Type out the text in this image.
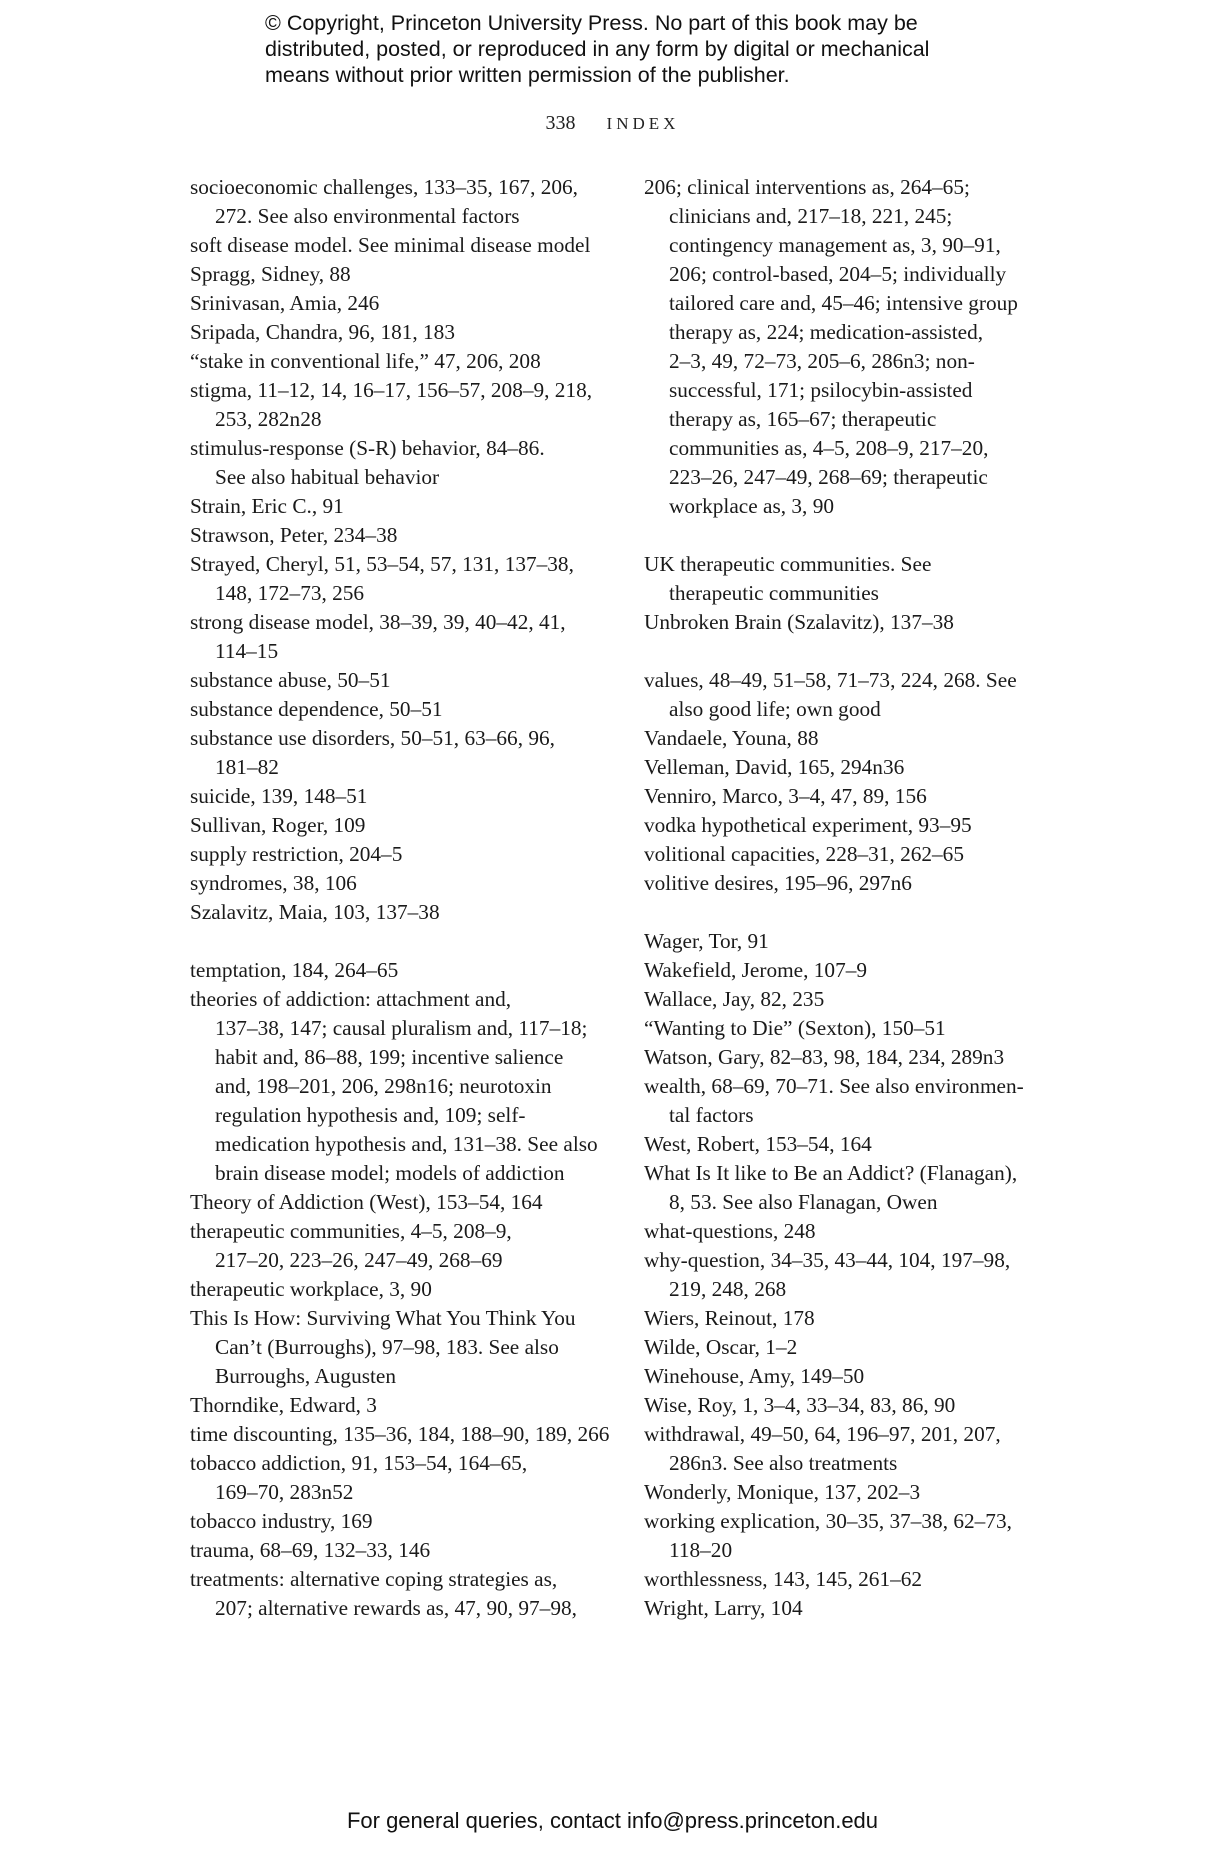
© Copyright, Princeton University Press. No part of this book may be
distributed, posted, or reproduced in any form by digital or mechanical
means without prior written permission of the publisher.
338 INDEX
socioeconomic challenges, 133–35, 167, 206,
272. See also environmental factors
soft disease model. See minimal disease model
Spragg, Sidney, 88
Srinivasan, Amia, 246
Sripada, Chandra, 96, 181, 183
“stake in conventional life,” 47, 206, 208
stigma, 11–12, 14, 16–17, 156–57, 208–9, 218,
253, 282n28
stimulus-response (S-R) behavior, 84–86.
See also habitual behavior
Strain, Eric C., 91
Strawson, Peter, 234–38
Strayed, Cheryl, 51, 53–54, 57, 131, 137–38,
148, 172–73, 256
strong disease model, 38–39, 39, 40–42, 41,
114–15
substance abuse, 50–51
substance dependence, 50–51
substance use disorders, 50–51, 63–66, 96,
181–82
suicide, 139, 148–51
Sullivan, Roger, 109
supply restriction, 204–5
syndromes, 38, 106
Szalavitz, Maia, 103, 137–38
temptation, 184, 264–65
theories of addiction: attachment and,
137–38, 147; causal pluralism and, 117–18;
habit and, 86–88, 199; incentive salience
and, 198–201, 206, 298n16; neurotoxin
regulation hypothesis and, 109; self-
medication hypothesis and, 131–38. See also
brain disease model; models of addiction
Theory of Addiction (West), 153–54, 164
therapeutic communities, 4–5, 208–9,
217–20, 223–26, 247–49, 268–69
therapeutic workplace, 3, 90
This Is How: Surviving What You Think You
Can’t (Burroughs), 97–98, 183. See also
Burroughs, Augusten
Thorndike, Edward, 3
time discounting, 135–36, 184, 188–90, 189, 266
tobacco addiction, 91, 153–54, 164–65,
169–70, 283n52
tobacco industry, 169
trauma, 68–69, 132–33, 146
treatments: alternative coping strategies as,
207; alternative rewards as, 47, 90, 97–98,
206; clinical interventions as, 264–65;
clinicians and, 217–18, 221, 245;
contingency management as, 3, 90–91,
206; control-based, 204–5; individually
tailored care and, 45–46; intensive group
therapy as, 224; medication-assisted,
2–3, 49, 72–73, 205–6, 286n3; non-
successful, 171; psilocybin-assisted
therapy as, 165–67; therapeutic
communities as, 4–5, 208–9, 217–20,
223–26, 247–49, 268–69; therapeutic
workplace as, 3, 90
UK therapeutic communities. See
therapeutic communities
Unbroken Brain (Szalavitz), 137–38
values, 48–49, 51–58, 71–73, 224, 268. See
also good life; own good
Vandaele, Youna, 88
Velleman, David, 165, 294n36
Venniro, Marco, 3–4, 47, 89, 156
vodka hypothetical experiment, 93–95
volitional capacities, 228–31, 262–65
volitive desires, 195–96, 297n6
Wager, Tor, 91
Wakefield, Jerome, 107–9
Wallace, Jay, 82, 235
“Wanting to Die” (Sexton), 150–51
Watson, Gary, 82–83, 98, 184, 234, 289n3
wealth, 68–69, 70–71. See also environmen-
tal factors
West, Robert, 153–54, 164
What Is It like to Be an Addict? (Flanagan),
8, 53. See also Flanagan, Owen
what-questions, 248
why-question, 34–35, 43–44, 104, 197–98,
219, 248, 268
Wiers, Reinout, 178
Wilde, Oscar, 1–2
Winehouse, Amy, 149–50
Wise, Roy, 1, 3–4, 33–34, 83, 86, 90
withdrawal, 49–50, 64, 196–97, 201, 207,
286n3. See also treatments
Wonderly, Monique, 137, 202–3
working explication, 30–35, 37–38, 62–73,
118–20
worthlessness, 143, 145, 261–62
Wright, Larry, 104
For general queries, contact info@press.princeton.edu
